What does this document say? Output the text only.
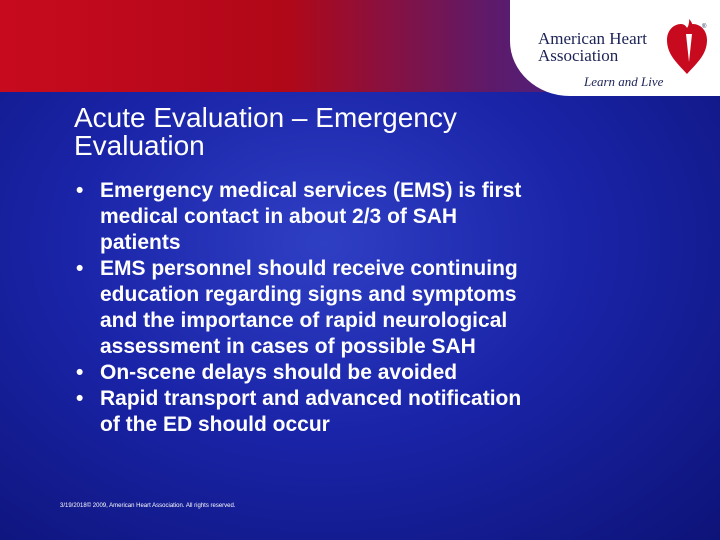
American Heart
Association
Learn and Live
®
Acute Evaluation – Emergency
Evaluation
• Emergency medical services (EMS) is first
medical contact in about 2/3 of SAH
patients
• EMS personnel should receive continuing
education regarding signs and symptoms
and the importance of rapid neurological
assessment in cases of possible SAH
• On-scene delays should be avoided
• Rapid transport and advanced notification
of the ED should occur
3/19/2018© 2009, American Heart Association. All rights reserved.
